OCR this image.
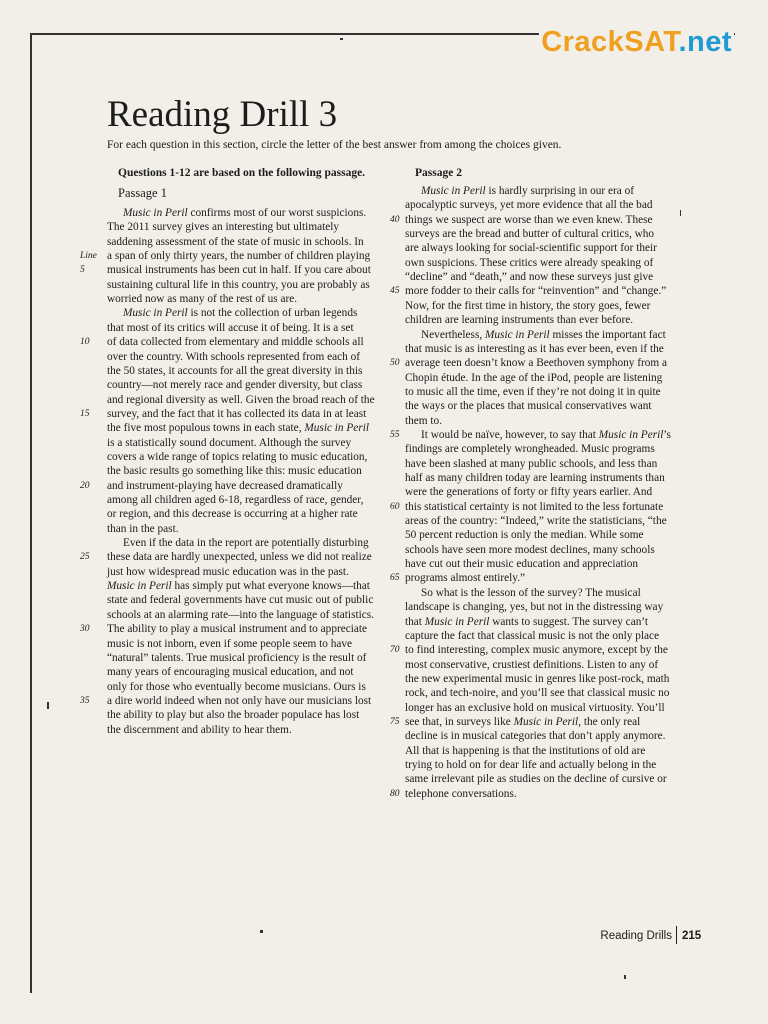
CrackSAT.net
Reading Drill 3

For each question in this section, circle the letter of the best answer from among the choices given.

Questions 1-12 are based on the following passage.	Passage 2

Passage 1

Music in Peril confirms most of our worst suspicions.
The 2011 survey gives an interesting but ultimately
saddening assessment of the state of music in schools. In
a span of only thirty years, the number of children playing
musical instruments has been cut in half. If you care about
sustaining cultural life in this country, you are probably as
worried now as many of the rest of us are.
Music in Peril is not the collection of urban legends
that most of its critics will accuse it of being. It is a set
of data collected from elementary and middle schools all
over the country. With schools represented from each of
the 50 states, it accounts for all the great diversity in this
country—not merely race and gender diversity, but class
and regional diversity as well. Given the broad reach of the
survey, and the fact that it has collected its data in at least
the five most populous towns in each state, Music in Peril
is a statistically sound document. Although the survey
covers a wide range of topics relating to music education,
the basic results go something like this: music education
and instrument-playing have decreased dramatically
among all children aged 6-18, regardless of race, gender,
or region, and this decrease is occurring at a higher rate
than in the past.
Even if the data in the report are potentially disturbing
these data are hardly unexpected, unless we did not realize
just how widespread music education was in the past.
Music in Peril has simply put what everyone knows—that
state and federal governments have cut music out of public
schools at an alarming rate—into the language of statistics.
The ability to play a musical instrument and to appreciate
music is not inborn, even if some people seem to have
“natural” talents. True musical proficiency is the result of
many years of encouraging musical education, and not
only for those who eventually become musicians. Ours is
a dire world indeed when not only have our musicians lost
the ability to play but also the broader populace has lost
the discernment and ability to hear them.
Line
5
10
15
20
25
30
35
Music in Peril is hardly surprising in our era of
apocalyptic surveys, yet more evidence that all the bad
things we suspect are worse than we even knew. These
surveys are the bread and butter of cultural critics, who
are always looking for social-scientific support for their
own suspicions. These critics were already speaking of
“decline” and “death,” and now these surveys just give
more fodder to their calls for “reinvention” and “change.”
Now, for the first time in history, the story goes, fewer
children are learning instruments than ever before.
Nevertheless, Music in Peril misses the important fact
that music is as interesting as it has ever been, even if the
average teen doesn’t know a Beethoven symphony from a
Chopin étude. In the age of the iPod, people are listening
to music all the time, even if they’re not doing it in quite
the ways or the places that musical conservatives want
them to.
It would be naïve, however, to say that Music in Peril’s
findings are completely wrongheaded. Music programs
have been slashed at many public schools, and less than
half as many children today are learning instruments than
were the generations of forty or fifty years earlier. And
this statistical certainty is not limited to the less fortunate
areas of the country: “Indeed,” write the statisticians, “the
50 percent reduction is only the median. While some
schools have seen more modest declines, many schools
have cut out their music education and appreciation
programs almost entirely.”
So what is the lesson of the survey? The musical
landscape is changing, yes, but not in the distressing way
that Music in Peril wants to suggest. The survey can’t
capture the fact that classical music is not the only place
to find interesting, complex music anymore, except by the
most conservative, crustiest definitions. Listen to any of
the new experimental music in genres like post-rock, math
rock, and tech-noire, and you’ll see that classical music no
longer has an exclusive hold on musical virtuosity. You’ll
see that, in surveys like Music in Peril, the only real
decline is in musical categories that don’t apply anymore.
All that is happening is that the institutions of old are
trying to hold on for dear life and actually belong in the
same irrelevant pile as studies on the decline of cursive or
telephone conversations.
40
45
50
55
60
65
70
75
80
Reading Drills 215
